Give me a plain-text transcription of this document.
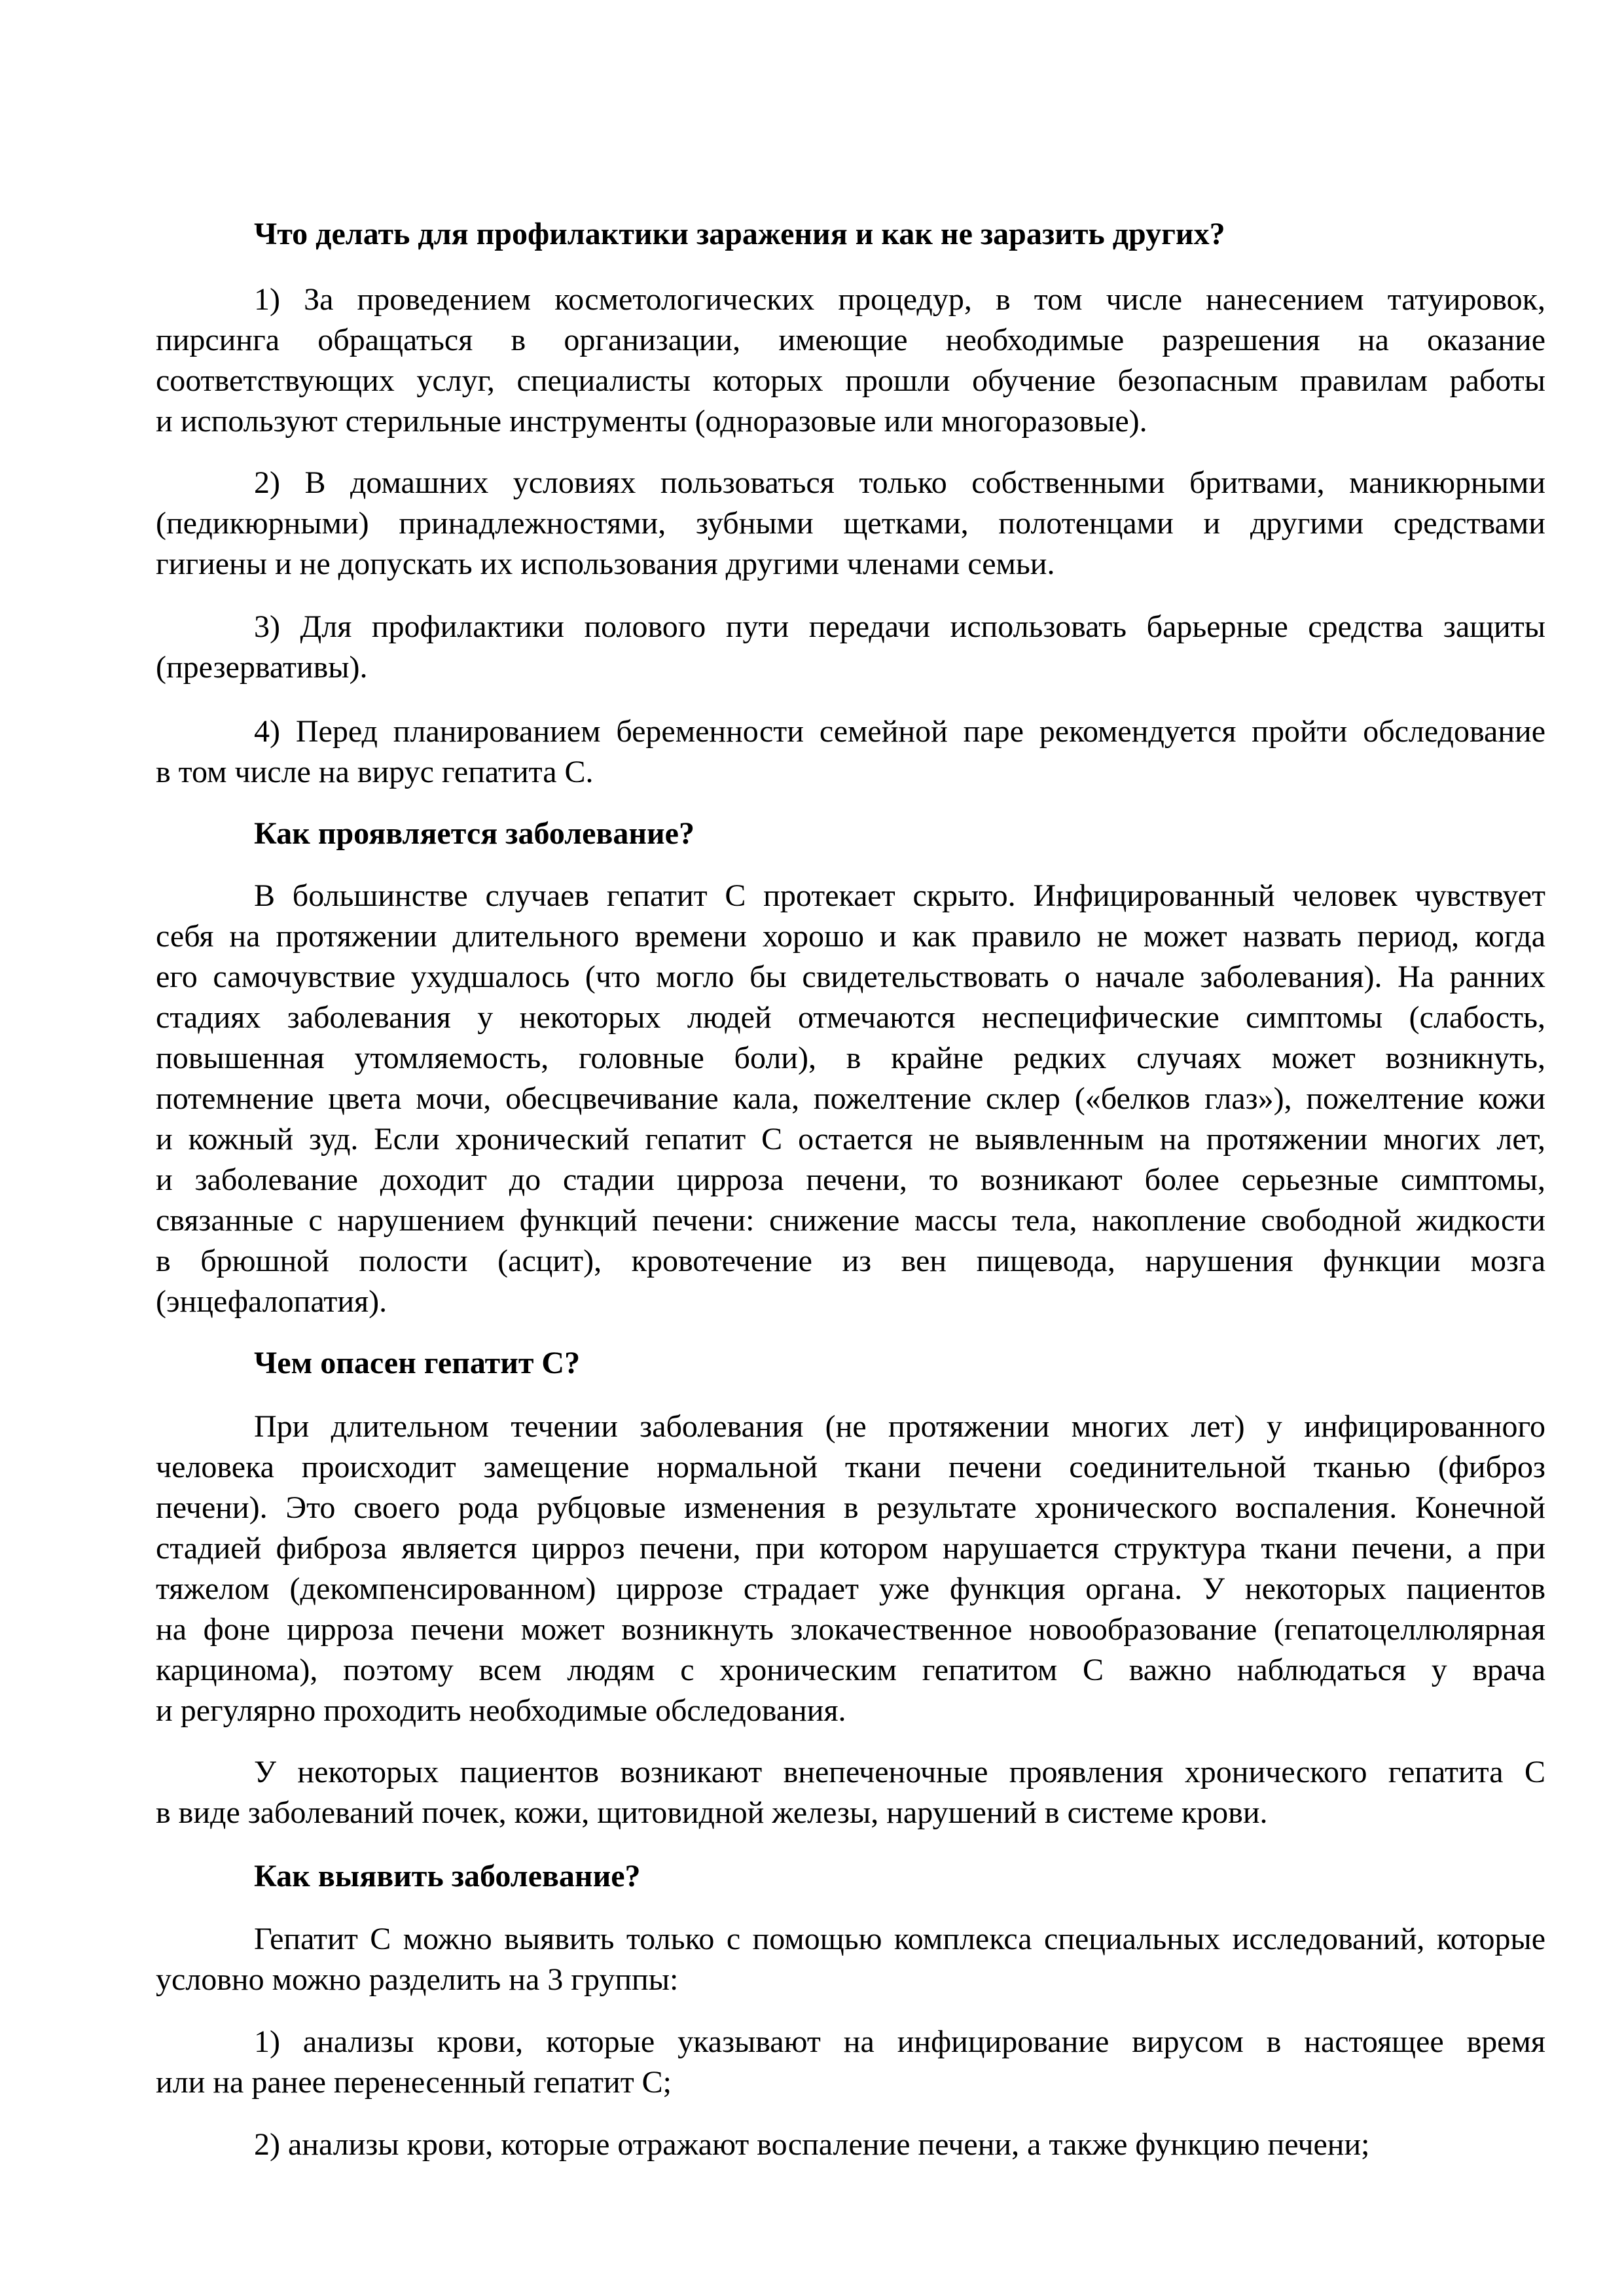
Что делать для профилактики заражения и как не заразить других?
1) За проведением косметологических процедур, в том числе нанесением татуировок,
пирсинга обращаться в организации, имеющие необходимые разрешения на оказание
соответствующих услуг, специалисты которых прошли обучение безопасным правилам работы
и используют стерильные инструменты (одноразовые или многоразовые).
2) В домашних условиях пользоваться только собственными бритвами, маникюрными
(педикюрными) принадлежностями, зубными щетками, полотенцами и другими средствами
гигиены и не допускать их использования другими членами семьи.
3) Для профилактики полового пути передачи использовать барьерные средства защиты
(презервативы).
4) Перед планированием беременности семейной паре рекомендуется пройти обследование
в том числе на вирус гепатита С.
Как проявляется заболевание?
В большинстве случаев гепатит С протекает скрыто. Инфицированный человек чувствует
себя на протяжении длительного времени хорошо и как правило не может назвать период, когда
его самочувствие ухудшалось (что могло бы свидетельствовать о начале заболевания). На ранних
стадиях заболевания у некоторых людей отмечаются неспецифические симптомы (слабость,
повышенная утомляемость, головные боли), в крайне редких случаях может возникнуть,
потемнение цвета мочи, обесцвечивание кала, пожелтение склер («белков глаз»), пожелтение кожи
и кожный зуд. Если хронический гепатит С остается не выявленным на протяжении многих лет,
и заболевание доходит до стадии цирроза печени, то возникают более серьезные симптомы,
связанные с нарушением функций печени: снижение массы тела, накопление свободной жидкости
в брюшной полости (асцит), кровотечение из вен пищевода, нарушения функции мозга
(энцефалопатия).
Чем опасен гепатит С?
При длительном течении заболевания (не протяжении многих лет) у инфицированного
человека происходит замещение нормальной ткани печени соединительной тканью (фиброз
печени). Это своего рода рубцовые изменения в результате хронического воспаления. Конечной
стадией фиброза является цирроз печени, при котором нарушается структура ткани печени, а при
тяжелом (декомпенсированном) циррозе страдает уже функция органа. У некоторых пациентов
на фоне цирроза печени может возникнуть злокачественное новообразование (гепатоцеллюлярная
карцинома), поэтому всем людям с хроническим гепатитом С важно наблюдаться у врача
и регулярно проходить необходимые обследования.
У некоторых пациентов возникают внепеченочные проявления хронического гепатита С
в виде заболеваний почек, кожи, щитовидной железы, нарушений в системе крови.
Как выявить заболевание?
Гепатит С можно выявить только с помощью комплекса специальных исследований, которые
условно можно разделить на 3 группы:
1) анализы крови, которые указывают на инфицирование вирусом в настоящее время
или на ранее перенесенный гепатит С;
2) анализы крови, которые отражают воспаление печени, а также функцию печени;
